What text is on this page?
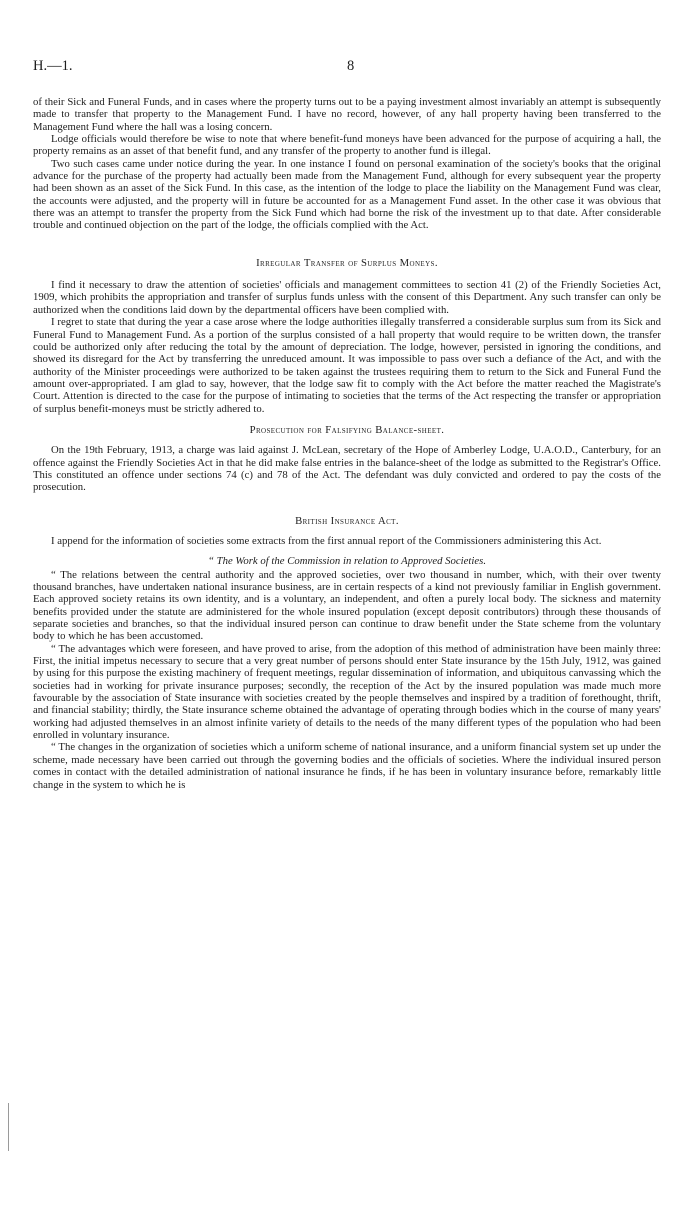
H.—1.	8

of their Sick and Funeral Funds, and in cases where the property turns out to be a paying investment almost invariably an attempt is subsequently made to transfer that property to the Management Fund. I have no record, however, of any hall property having been transferred to the Management Fund where the hall was a losing concern.

Lodge officials would therefore be wise to note that where benefit-fund moneys have been advanced for the purpose of acquiring a hall, the property remains as an asset of that benefit fund, and any transfer of the property to another fund is illegal.

Two such cases came under notice during the year. In one instance I found on personal examination of the society's books that the original advance for the purchase of the property had actually been made from the Management Fund, although for every subsequent year the property had been shown as an asset of the Sick Fund. In this case, as the intention of the lodge to place the liability on the Management Fund was clear, the accounts were adjusted, and the property will in future be accounted for as a Management Fund asset. In the other case it was obvious that there was an attempt to transfer the property from the Sick Fund which had borne the risk of the investment up to that date. After considerable trouble and continued objection on the part of the lodge, the officials complied with the Act.

Irregular Transfer of Surplus Moneys.

I find it necessary to draw the attention of societies' officials and management committees to section 41 (2) of the Friendly Societies Act, 1909, which prohibits the appropriation and transfer of surplus funds unless with the consent of this Department. Any such transfer can only be authorized when the conditions laid down by the departmental officers have been complied with.

I regret to state that during the year a case arose where the lodge authorities illegally transferred a considerable surplus sum from its Sick and Funeral Fund to Management Fund. As a portion of the surplus consisted of a hall property that would require to be written down, the transfer could be authorized only after reducing the total by the amount of depreciation. The lodge, however, persisted in ignoring the conditions, and showed its disregard for the Act by transferring the unreduced amount. It was impossible to pass over such a defiance of the Act, and with the authority of the Minister proceedings were authorized to be taken against the trustees requiring them to return to the Sick and Funeral Fund the amount over-appropriated. I am glad to say, however, that the lodge saw fit to comply with the Act before the matter reached the Magistrate's Court. Attention is directed to the case for the purpose of intimating to societies that the terms of the Act respecting the transfer or appropriation of surplus benefit-moneys must be strictly adhered to.

Prosecution for Falsifying Balance-sheet.

On the 19th February, 1913, a charge was laid against J. McLean, secretary of the Hope of Amberley Lodge, U.A.O.D., Canterbury, for an offence against the Friendly Societies Act in that he did make false entries in the balance-sheet of the lodge as submitted to the Registrar's Office. This constituted an offence under sections 74 (c) and 78 of the Act. The defendant was duly convicted and ordered to pay the costs of the prosecution.

British Insurance Act.

I append for the information of societies some extracts from the first annual report of the Commissioners administering this Act.

“ The Work of the Commission in relation to Approved Societies.

“ The relations between the central authority and the approved societies, over two thousand in number, which, with their over twenty thousand branches, have undertaken national insurance business, are in certain respects of a kind not previously familiar in English government. Each approved society retains its own identity, and is a voluntary, an independent, and often a purely local body. The sickness and maternity benefits provided under the statute are administered for the whole insured population (except deposit contributors) through these thousands of separate societies and branches, so that the individual insured person can continue to draw benefit under the State scheme from the voluntary body to which he has been accustomed.

“ The advantages which were foreseen, and have proved to arise, from the adoption of this method of administration have been mainly three: First, the initial impetus necessary to secure that a very great number of persons should enter State insurance by the 15th July, 1912, was gained by using for this purpose the existing machinery of frequent meetings, regular dissemination of information, and ubiquitous canvassing which the societies had in working for private insurance purposes; secondly, the reception of the Act by the insured population was made much more favourable by the association of State insurance with societies created by the people themselves and inspired by a tradition of forethought, thrift, and financial stability; thirdly, the State insurance scheme obtained the advantage of operating through bodies which in the course of many years' working had adjusted themselves in an almost infinite variety of details to the needs of the many different types of the population who had been enrolled in voluntary insurance.

“ The changes in the organization of societies which a uniform scheme of national insurance, and a uniform financial system set up under the scheme, made necessary have been carried out through the governing bodies and the officials of societies. Where the individual insured person comes in contact with the detailed administration of national insurance he finds, if he has been in voluntary insurance before, remarkably little change in the system to which he is
